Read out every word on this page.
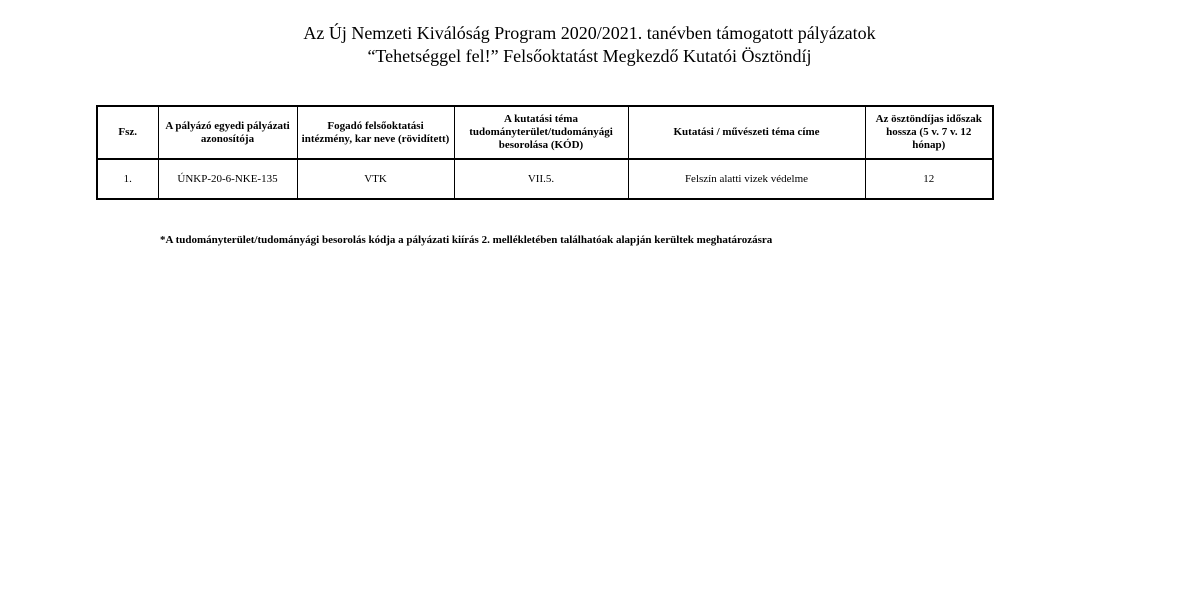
Az Új Nemzeti Kiválóság Program 2020/2021. tanévben támogatott pályázatok
“Tehetséggel fel!” Felsőoktatást Megkezdő Kutatói Ösztöndíj
Fsz.	A pályázó egyedi pályázati azonosítója	Fogadó felsőoktatási intézmény, kar neve (rövidített)	A kutatási téma tudományterület/tudományági besorolása (KÓD)	Kutatási / művészeti téma címe	Az ösztöndíjas időszak hossza (5 v. 7 v. 12 hónap)
1.	ÚNKP-20-6-NKE-135	VTK	VII.5.	Felszín alatti vizek védelme	12
*A tudományterület/tudományági besorolás kódja a pályázati kiírás 2. mellékletében találhatóak alapján kerültek meghatározásra
